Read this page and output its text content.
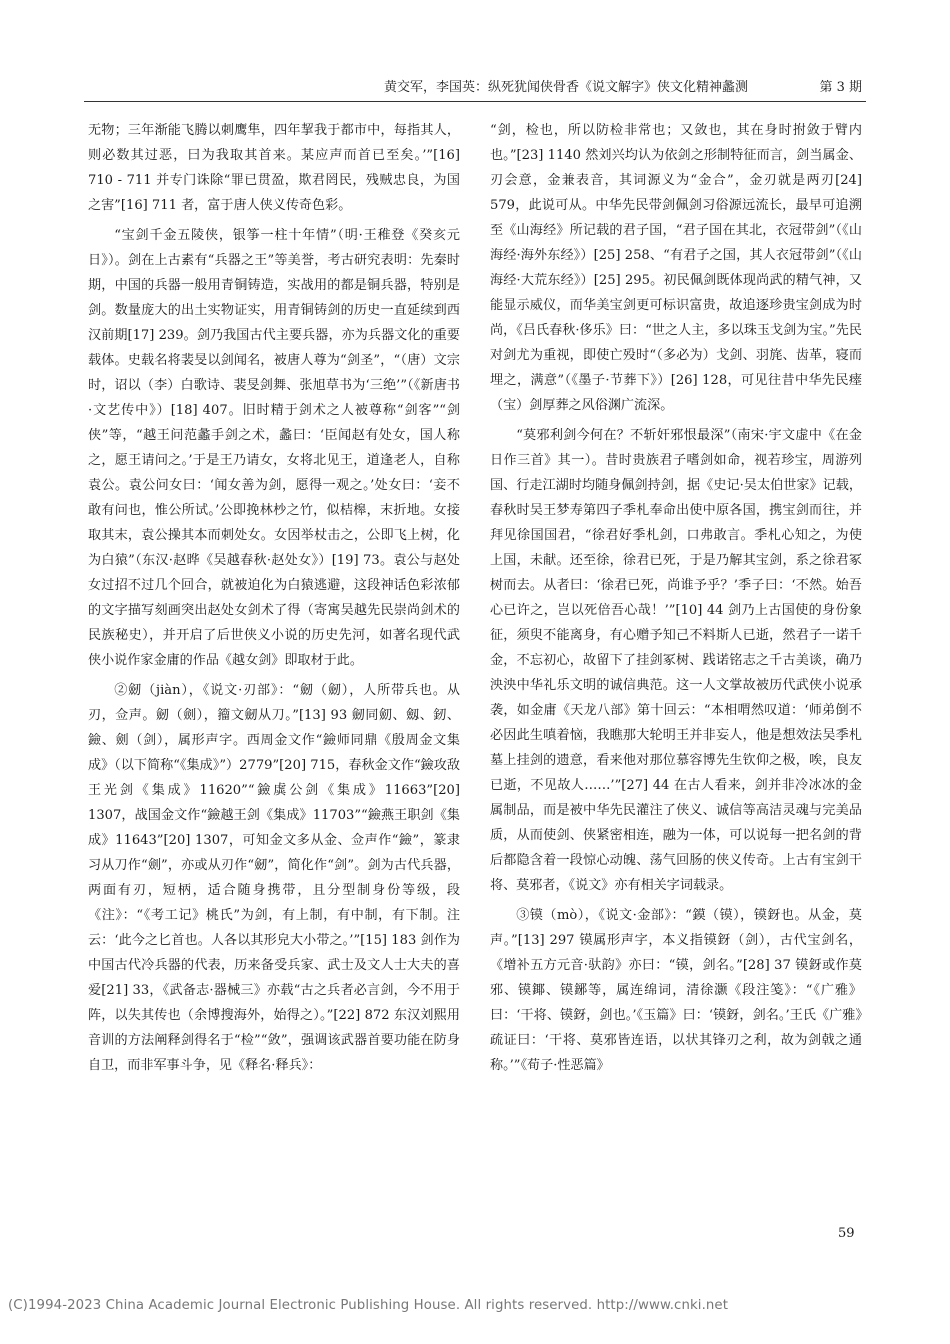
黄交军，李国英：纵死犹闻侠骨香《说文解字》侠文化精神蠡测	第 3 期

无物；三年渐能飞腾以刺鹰隼，四年挈我于都市中，每指其人，则必数其过恶，曰为我取其首来。某应声而首已至矣。’”[16] 710 - 711 并专门诛除“罪已贯盈，欺君罔民，残贼忠良，为国之害”[16] 711 者，富于唐人侠义传奇色彩。

“宝剑千金五陵侠，银筝一柱十年情”（明·王稚登《癸亥元日》）。剑在上古素有“兵器之王”等美誉，考古研究表明：先秦时期，中国的兵器一般用青铜铸造，实战用的都是铜兵器，特别是剑。数量庞大的出土实物证实，用青铜铸剑的历史一直延续到西汉前期[17] 239。剑乃我国古代主要兵器，亦为兵器文化的重要载体。史载名将裴旻以剑闻名，被唐人尊为“剑圣”，“（唐）文宗时，诏以（李）白歌诗、裴旻剑舞、张旭草书为‘三绝’”（《新唐书·文艺传中》）[18] 407。旧时精于剑术之人被尊称“剑客”“剑侠”等，“越王问范蠡手剑之术，蠡曰：‘臣闻赵有处女，国人称之，愿王请问之。’于是王乃请女，女将北见王，道逢老人，自称袁公。袁公问女曰：‘闻女善为剑，愿得一观之。’处女曰：‘妾不敢有问也，惟公所试。’公即挽林杪之竹，似桔槔，末折地。女接取其末，袁公操其本而刺处女。女因举杖击之，公即飞上树，化为白猿”（东汉·赵晔《吴越春秋·赵处女》）[19] 73。袁公与赵处女过招不过几个回合，就被迫化为白猿逃避，这段神话色彩浓郁的文字描写刻画突出赵处女剑术了得（寄寓吴越先民崇尚剑术的民族秘史），并开启了后世侠义小说的历史先河，如著名现代武侠小说作家金庸的作品《越女剑》即取材于此。

②劒（jiàn），《说文·刃部》：“劒（劒），人所带兵也。从刃，佥声。劒（劍），籀文劒从刀。”[13] 93 劒同劎、劔、釰、鐱、劍（剑），属形声字。西周金文作“鐱师同鼎《殷周金文集成》（以下简称“《集成》”）2779”[20] 715，春秋金文作“鐱攻敌王光剑《集成》11620”“鐱虡公剑《集成》11663”[20] 1307，战国金文作“鐱越王剑《集成》11703”“鐱燕王职剑《集成》11643”[20] 1307，可知金文多从金、佥声作“鐱”，篆隶习从刀作“劍”，亦或从刃作“劒”，简化作“剑”。剑为古代兵器，两面有刃，短柄，适合随身携带，且分型制身份等级，段《注》：“《考工记》桃氏”为剑，有上制，有中制，有下制。注云：‘此今之匕首也。人各以其形皃大小带之。’”[15] 183 剑作为中国古代冷兵器的代表，历来备受兵家、武士及文人士大夫的喜爱[21] 33，《武备志·器械三》亦载“古之兵者必言剑，今不用于阵，以失其传也（余博搜海外，始得之）。”[22] 872 东汉刘熙用音训的方法阐释剑得名于“检”“敛”，强调该武器首要功能在防身自卫，而非军事斗争，见《释名·释兵》：

“剑，检也，所以防检非常也；又敛也，其在身时拊敛于臂内也。”[23] 1140 然刘兴均认为依剑之形制特征而言，剑当属金、刃会意，金兼表音，其词源义为“金合”，金刃就是两刃[24] 579，此说可从。中华先民带剑佩剑习俗源远流长，最早可追溯至《山海经》所记载的君子国，“君子国在其北，衣冠带剑”（《山海经·海外东经》）[25] 258、“有君子之国，其人衣冠带剑”（《山海经·大荒东经》）[25] 295。初民佩剑既体现尚武的精气神，又能显示威仪，而华美宝剑更可标识富贵，故追逐珍贵宝剑成为时尚，《吕氏春秋·侈乐》曰：“世之人主，多以珠玉戈剑为宝。”先民对剑尤为重视，即使亡殁时“（多必为）戈剑、羽旄、齿革，寝而埋之，满意”（《墨子·节葬下》）[26] 128，可见往昔中华先民瘗（宝）剑厚葬之风俗渊广流深。

“莫邪利剑今何在？不斩奸邪恨最深”（南宋·宇文虚中《在金日作三首》其一）。昔时贵族君子嗜剑如命，视若珍宝，周游列国、行走江湖时均随身佩剑持剑，据《史记·吴太伯世家》记载，春秋时吴王梦寿第四子季札奉命出使中原各国，携宝剑而往，并拜见徐国国君，“徐君好季札剑，口弗敢言。季札心知之，为使上国，未献。还至徐，徐君已死，于是乃解其宝剑，系之徐君冢树而去。从者曰：‘徐君已死，尚谁予乎？’季子曰：‘不然。始吾心已许之，岂以死倍吾心哉！’”[10] 44 剑乃上古国使的身份象征，须臾不能离身，有心赠予知己不料斯人已逝，然君子一诺千金，不忘初心，故留下了挂剑冢树、践诺铭志之千古美谈，确乃泱泱中华礼乐文明的诚信典范。这一人文掌故被历代武侠小说承袭，如金庸《天龙八部》第十回云：“本相喟然叹道：‘师弟倒不必因此生嗔着恼，我瞧那大轮明王并非妄人，他是想效法吴季札墓上挂剑的遗意，看来他对那位慕容博先生钦仰之极，唉，良友已逝，不见故人……’”[27] 44 在古人看来，剑并非冷冰冰的金属制品，而是被中华先民灌注了侠义、诚信等高洁灵魂与完美品质，从而使剑、侠紧密相连，融为一体，可以说每一把名剑的背后都隐含着一段惊心动魄、荡气回肠的侠义传奇。上古有宝剑干将、莫邪者，《说文》亦有相关字词载录。

③镆（mò），《说文·金部》：“鏌（镆），镆釾也。从金，莫声。”[13] 297 镆属形声字，本义指镆釾（剑），古代宝剑名，《增补五方元音·驮韵》亦曰：“镆，剑名。”[28] 37 镆釾或作莫邪、镆鎁、镆鋣等，属连绵词，清徐灏《段注笺》：“《广雅》曰：‘干将、镆釾，剑也。’《玉篇》曰：‘镆釾，剑名。’王氏《广雅》疏证曰：‘干将、莫邪皆连语，以状其锋刃之利，故为剑戟之通称。’”《荀子·性恶篇》

59
(C)1994-2023 China Academic Journal Electronic Publishing House. All rights reserved. http://www.cnki.net
